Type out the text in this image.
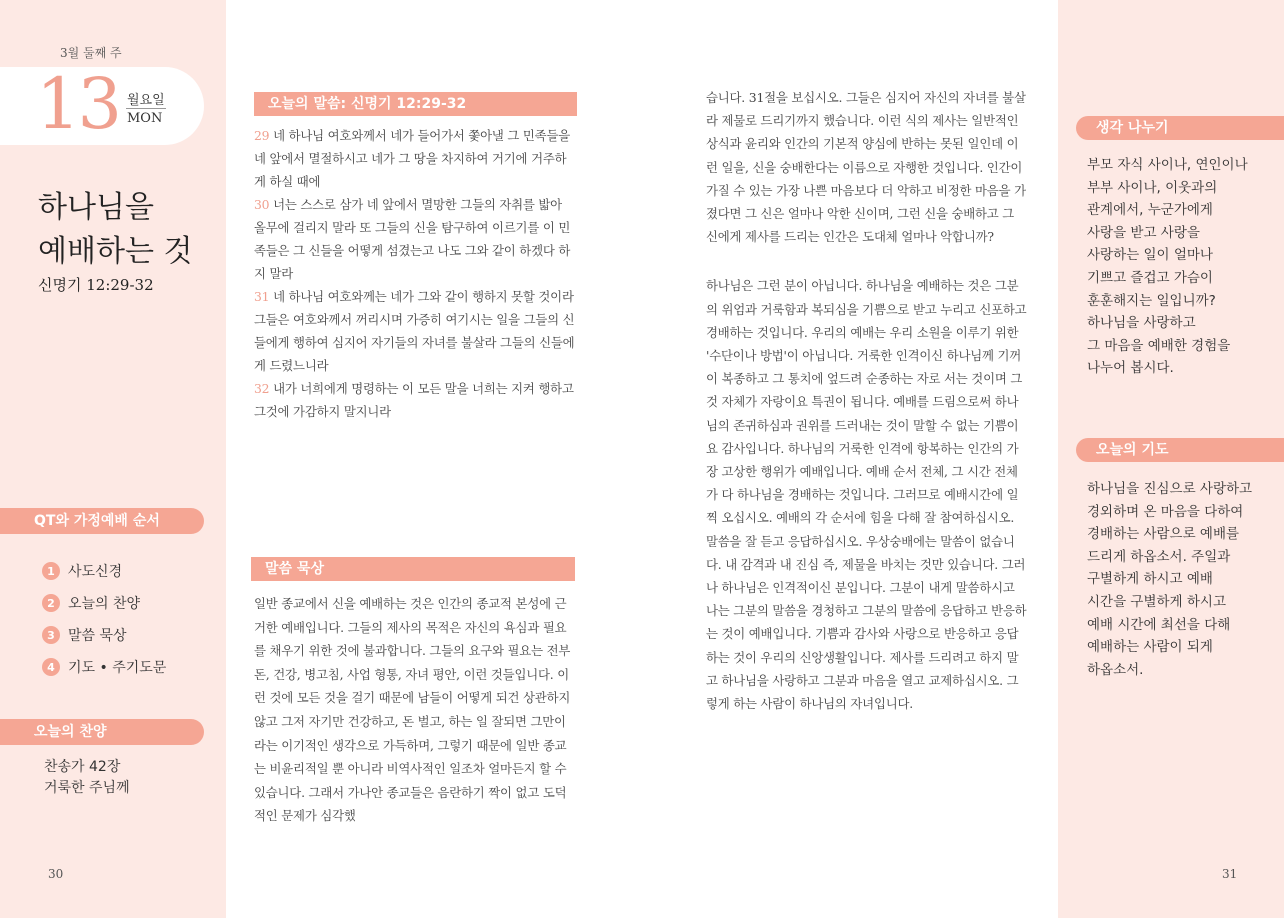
3월 둘째 주
13 월요일
MON
하나님을
예배하는 것
신명기 12:29-32
QT와 가정예배 순서
1 사도신경
2 오늘의 찬양
3 말씀 묵상
4 기도 • 주기도문
오늘의 찬양
찬송가 42장
거룩한 주님께
30
오늘의 말씀: 신명기 12:29-32
29 네 하나님 여호와께서 네가 들어가서 쫓아낼 그 민족들을 네 앞에서 멸절하시고 네가 그 땅을 차지하여 거기에 거주하게 하실 때에
30 너는 스스로 삼가 네 앞에서 멸망한 그들의 자취를 밟아 올무에 걸리지 말라 또 그들의 신을 탐구하여 이르기를 이 민족들은 그 신들을 어떻게 섬겼는고 나도 그와 같이 하겠다 하지 말라
31 네 하나님 여호와께는 네가 그와 같이 행하지 못할 것이라 그들은 여호와께서 꺼리시며 가증히 여기시는 일을 그들의 신들에게 행하여 심지어 자기들의 자녀를 불살라 그들의 신들에게 드렸느니라
32 내가 너희에게 명령하는 이 모든 말을 너희는 지켜 행하고 그것에 가감하지 말지니라
말씀 묵상
일반 종교에서 신을 예배하는 것은 인간의 종교적 본성에 근거한 예배입니다. 그들의 제사의 목적은 자신의 욕심과 필요를 채우기 위한 것에 불과합니다. 그들의 요구와 필요는 전부 돈, 건강, 병고침, 사업 형통, 자녀 평안, 이런 것들입니다. 이런 것에 모든 것을 걸기 때문에 남들이 어떻게 되건 상관하지 않고 그저 자기만 건강하고, 돈 벌고, 하는 일 잘되면 그만이라는 이기적인 생각으로 가득하며, 그렇기 때문에 일반 종교는 비윤리적일 뿐 아니라 비역사적인 일조차 얼마든지 할 수 있습니다. 그래서 가나안 종교들은 음란하기 짝이 없고 도덕적인 문제가 심각했

습니다. 31절을 보십시오. 그들은 심지어 자신의 자녀를 불살라 제물로 드리기까지 했습니다. 이런 식의 제사는 일반적인 상식과 윤리와 인간의 기본적 양심에 반하는 못된 일인데 이런 일을, 신을 숭배한다는 이름으로 자행한 것입니다. 인간이 가질 수 있는 가장 나쁜 마음보다 더 악하고 비정한 마음을 가졌다면 그 신은 얼마나 악한 신이며, 그런 신을 숭배하고 그 신에게 제사를 드리는 인간은 도대체 얼마나 악합니까?

하나님은 그런 분이 아닙니다. 하나님을 예배하는 것은 그분의 위엄과 거룩함과 복되심을 기쁨으로 받고 누리고 신포하고 경배하는 것입니다. 우리의 예배는 우리 소원을 이루기 위한 '수단이나 방법'이 아닙니다. 거룩한 인격이신 하나님께 기꺼이 복종하고 그 통치에 엎드려 순종하는 자로 서는 것이며 그것 자체가 자랑이요 특권이 됩니다. 예배를 드림으로써 하나님의 존귀하심과 권위를 드러내는 것이 말할 수 없는 기쁨이요 감사입니다. 하나님의 거룩한 인격에 항복하는 인간의 가장 고상한 행위가 예배입니다. 예배 순서 전체, 그 시간 전체가 다 하나님을 경배하는 것입니다. 그러므로 예배시간에 일찍 오십시오. 예배의 각 순서에 힘을 다해 잘 참여하십시오. 말씀을 잘 듣고 응답하십시오. 우상숭배에는 말씀이 없습니다. 내 감격과 내 진심 즉, 제물을 바치는 것만 있습니다. 그러나 하나님은 인격적이신 분입니다. 그분이 내게 말씀하시고 나는 그분의 말씀을 경청하고 그분의 말씀에 응답하고 반응하는 것이 예배입니다. 기쁨과 감사와 사랑으로 반응하고 응답하는 것이 우리의 신앙생활입니다. 제사를 드리려고 하지 말고 하나님을 사랑하고 그분과 마음을 열고 교제하십시오. 그렇게 하는 사람이 하나님의 자녀입니다.

생각 나누기
부모 자식 사이나, 연인이나
부부 사이나, 이웃과의
관계에서, 누군가에게
사랑을 받고 사랑을
사랑하는 일이 얼마나
기쁘고 즐겁고 가슴이
훈훈해지는 일입니까?
하나님을 사랑하고
그 마음을 예배한 경험을
나누어 봅시다.
오늘의 기도
하나님을 진심으로 사랑하고
경외하며 온 마음을 다하여
경배하는 사람으로 예배를
드리게 하옵소서. 주일과
구별하게 하시고 예배
시간을 구별하게 하시고
예배 시간에 최선을 다해
예배하는 사람이 되게
하옵소서.
31
